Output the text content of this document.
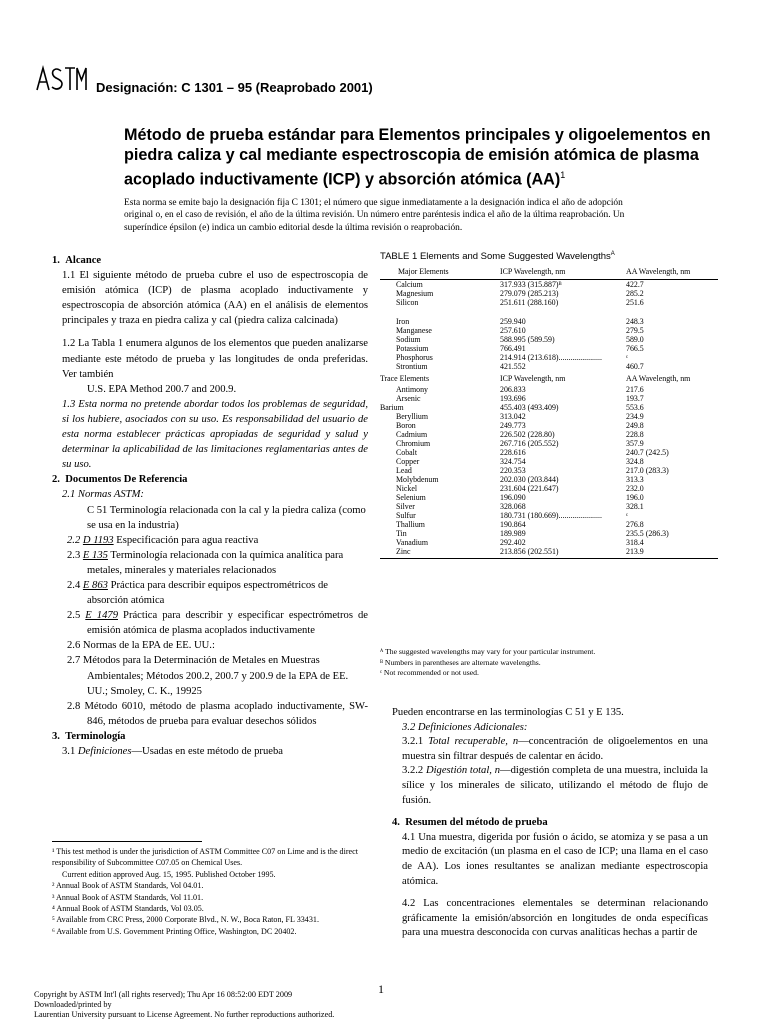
Designación: C 1301 – 95 (Reaprobado 2001)
Método de prueba estándar para Elementos principales y oligoelementos en piedra caliza y cal mediante espectroscopia de emisión atómica de plasma acoplado inductivamente (ICP) y absorción atómica (AA)$^1$
Esta norma se emite bajo la designación fija C 1301; el número que sigue inmediatamente a la designación indica el año de adopción original o, en el caso de revisión, el año de la última revisión. Un número entre paréntesis indica el año de la última reaprobación. Un superíndice épsilon (e) indica un cambio editorial desde la última revisión o reaprobación.

1. Alcance

1.1 El siguiente método de prueba cubre el uso de espectroscopia de emisión atómica (ICP) de plasma acoplado inductivamente y espectroscopia de absorción atómica (AA) en el análisis de elementos principales y traza en piedra caliza y cal (piedra caliza calcinada)

1.2 La Tabla 1 enumera algunos de los elementos que pueden analizarse mediante este método de prueba y las longitudes de onda preferidas. Ver también

U.S. EPA Method 200.7 and 200.9.

1.3 Esta norma no pretende abordar todos los problemas de seguridad, si los hubiere, asociados con su uso. Es responsabilidad del usuario de esta norma establecer prácticas apropiadas de seguridad y salud y determinar la aplicabilidad de las limitaciones reglamentarias antes de su uso.

2. Documentos De Referencia

2.1 Normas ASTM:

C 51 Terminología relacionada con la cal y la piedra caliza (como se usa en la industria)

2.2 D 1193 Especificación para agua reactiva

2.3 E 135 Terminología relacionada con la química analítica para metales, minerales y materiales relacionados

2.4 E 863 Práctica para describir equipos espectrométricos de absorción atómica

2.5 E 1479 Práctica para describir y especificar espectrómetros de emisión atómica de plasma acoplados inductivamente

2.6 Normas de la EPA de EE. UU.:

2.7 Métodos para la Determinación de Metales en Muestras Ambientales; Métodos 200.2, 200.7 y 200.9 de la EPA de EE. UU.; Smoley, C. K., 19925

2.8 Método 6010, método de plasma acoplado inductivamente, SW-846, métodos de prueba para evaluar desechos sólidos

3. Terminología

3.1 Definiciones—Usadas en este método de prueba

¹ This test method is under the jurisdiction of ASTM Committee C07 on Lime and is the direct responsibility of Subcommittee C07.05 on Chemical Uses.

Current edition approved Aug. 15, 1995. Published October 1995.

² Annual Book of ASTM Standards, Vol 04.01.

³ Annual Book of ASTM Standards, Vol 11.01.

⁴ Annual Book of ASTM Standards, Vol 03.05.

⁵ Available from CRC Press, 2000 Corporate Blvd., N. W., Boca Raton, FL 33431.

⁶ Available from U.S. Government Printing Office, Washington, DC 20402.

TABLE 1 Elements and Some Suggested Wavelengths$^A$
Major Elements	ICP Wavelength, nm	AA Wavelength, nm
Calcium	317.933 (315.887)ᴮ	422.7
Magnesium	279.079 (285.213)	285.2
Silicon	251.611 (288.160)	251.6

Iron	259.940	248.3
Manganese	257.610	279.5
Sodium	588.995 (589.59)	589.0
Potassium	766.491	766.5
Phosphorus	214.914 (213.618)......................	ᶜ
Strontium	421.552	460.7
Trace Elements	ICP Wavelength, nm	AA Wavelength, nm
Antimony	206.833	217.6
Arsenic	193.696	193.7
Barium	455.403 (493.409)	553.6
Beryllium	313.042	234.9
Boron	249.773	249.8
Cadmium	226.502 (228.80)	228.8
Chromium	267.716 (205.552)	357.9
Cobalt	228.616	240.7 (242.5)
Copper	324.754	324.8
Lead	220.353	217.0 (283.3)
Molybdenum	202.030 (203.844)	313.3
Nickel	231.604 (221.647)	232.0
Selenium	196.090	196.0
Silver	328.068	328.1
Sulfur	180.731 (180.669)......................	ᶜ
Thallium	190.864	276.8
Tin	189.989	235.5 (286.3)
Vanadium	292.402	318.4
Zinc	213.856 (202.551)	213.9

ᴬ The suggested wavelengths may vary for your particular instrument.

ᴮ Numbers in parentheses are alternate wavelengths.

ᶜ Not recommended or not used.

Pueden encontrarse en las terminologías C 51 y E 135.

3.2 Definiciones Adicionales:

3.2.1 Total recuperable, n—concentración de oligoelementos en una muestra sin filtrar después de calentar en ácido.

3.2.2 Digestión total, n—digestión completa de una muestra, incluida la sílice y los minerales de silicato, utilizando el método de flujo de fusión.

4. Resumen del método de prueba

4.1 Una muestra, digerida por fusión o ácido, se atomiza y se pasa a un medio de excitación (un plasma en el caso de ICP; una llama en el caso de AA). Los iones resultantes se analizan mediante espectroscopia atómica.

4.2 Las concentraciones elementales se determinan relacionando gráficamente la emisión/absorción en longitudes de onda específicas para una muestra desconocida con curvas analíticas hechas a partir de

1
Copyright by ASTM Int'l (all rights reserved); Thu Apr 16 08:52:00 EDT 2009
Downloaded/printed by
Laurentian University pursuant to License Agreement. No further reproductions authorized.
